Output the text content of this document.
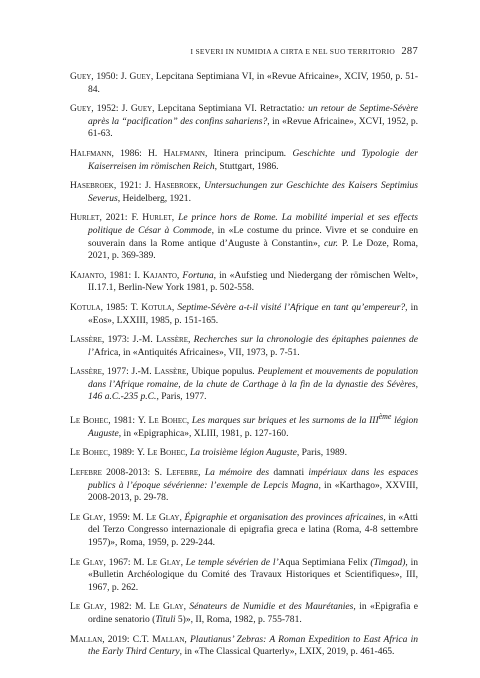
I SEVERI IN NUMIDIA A CIRTA E NEL SUO TERRITORIO 287
Guey, 1950: J. Guey, Lepcitana Septimiana VI, in «Revue Africaine», XCIV, 1950, p. 51-84.
Guey, 1952: J. Guey, Lepcitana Septimiana VI. Retractatio: un retour de Septime-Sévère après la “pacification” des confins sahariens?, in «Revue Africaine», XCVI, 1952, p. 61-63.
Halfmann, 1986: H. Halfmann, Itinera principum. Geschichte und Typologie der Kaiserreisen im römischen Reich, Stuttgart, 1986.
Hasebroek, 1921: J. Hasebroek, Untersuchungen zur Geschichte des Kaisers Septimius Severus, Heidelberg, 1921.
Hurlet, 2021: F. Hurlet, Le prince hors de Rome. La mobilité imperial et ses effects politique de César à Commode, in «Le costume du prince. Vivre et se conduire en souverain dans la Rome antique d’Auguste à Constantin», cur. P. Le Doze, Roma, 2021, p. 369-389.
Kajanto, 1981: I. Kajanto, Fortuna, in «Aufstieg und Niedergang der römischen Welt», II.17.1, Berlin-New York 1981, p. 502-558.
Kotula, 1985: T. Kotula, Septime-Sévère a-t-il visité l’Afrique en tant qu’empereur?, in «Eos», LXXIII, 1985, p. 151-165.
Lassère, 1973: J.-M. Lassère, Recherches sur la chronologie des épitaphes paiennes de l’Africa, in «Antiquités Africaines», VII, 1973, p. 7-51.
Lassère, 1977: J.-M. Lassère, Ubique populus. Peuplement et mouvements de population dans l’Afrique romaine, de la chute de Carthage à la fin de la dynastie des Sévères, 146 a.C.-235 p.C., Paris, 1977.
Le Bohec, 1981: Y. Le Bohec, Les marques sur briques et les surnoms de la IIIème légion Auguste, in «Epigraphica», XLIII, 1981, p. 127-160.
Le Bohec, 1989: Y. Le Bohec, La troisième légion Auguste, Paris, 1989.
Lefebre 2008-2013: S. Lefebre, La mémoire des damnati impériaux dans les espaces publics à l’époque sévérienne: l’exemple de Lepcis Magna, in «Karthago», XXVIII, 2008-2013, p. 29-78.
Le Glay, 1959: M. Le Glay, Épigraphie et organisation des provinces africaines, in «Atti del Terzo Congresso internazionale di epigrafia greca e latina (Roma, 4-8 settembre 1957)», Roma, 1959, p. 229-244.
Le Glay, 1967: M. Le Glay, Le temple sévérien de l’Aqua Septimiana Felix (Timgad), in «Bulletin Archéologique du Comité des Travaux Historiques et Scientifiques», III, 1967, p. 262.
Le Glay, 1982: M. Le Glay, Sénateurs de Numidie et des Maurétanies, in «Epigrafia e ordine senatorio (Tituli 5)», II, Roma, 1982, p. 755-781.
Mallan, 2019: C.T. Mallan, Plautianus’ Zebras: A Roman Expedition to East Africa in the Early Third Century, in «The Classical Quarterly», LXIX, 2019, p. 461-465.
